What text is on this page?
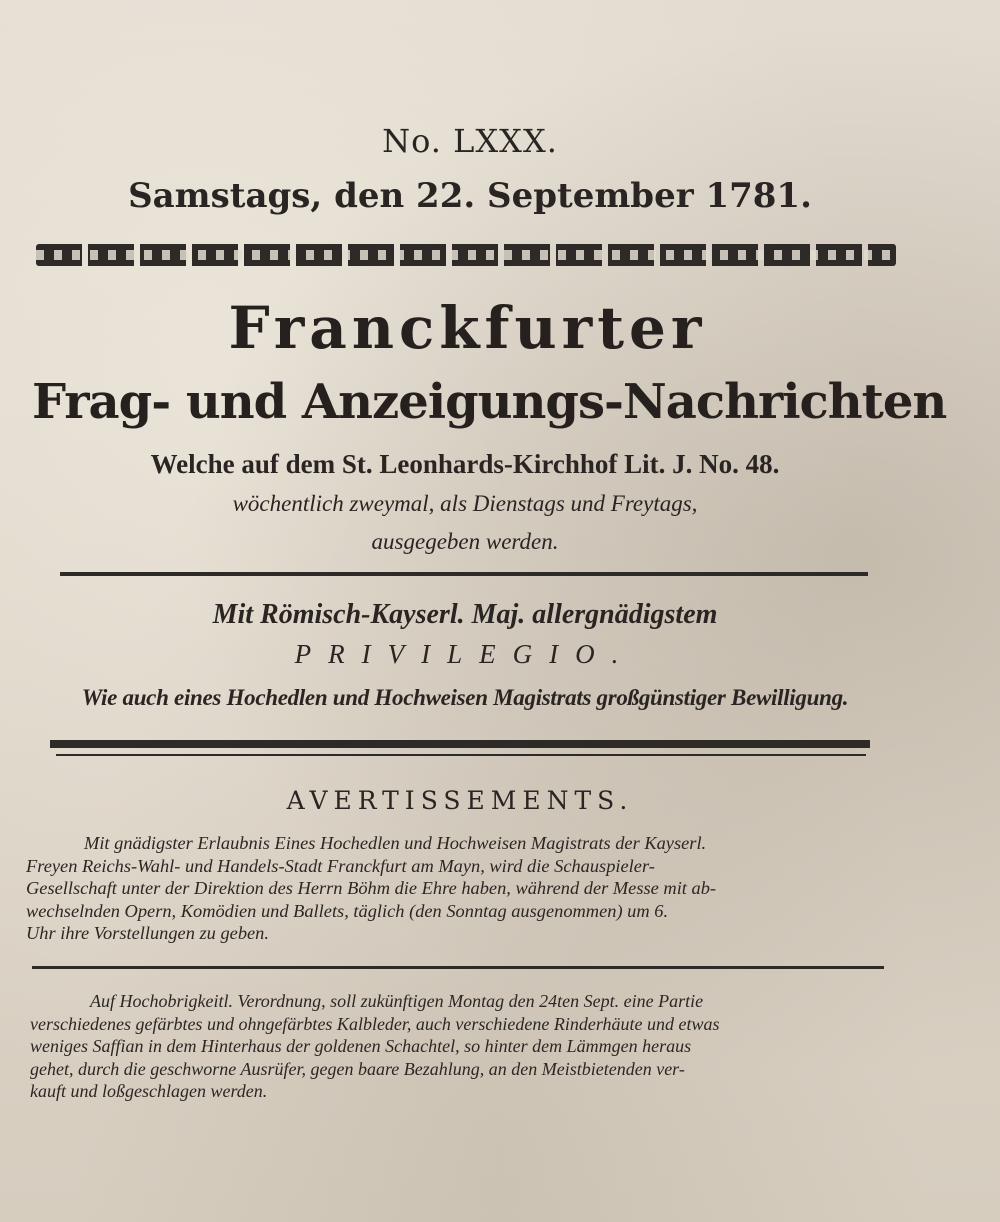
No. LXXX.

Samstags, den 22. September 1781.

Franckfurter

Frag- und Anzeigungs-Nachrichten

Welche auf dem St. Leonhards-Kirchhof Lit. J. No. 48.

wöchentlich zweymal, als Dienstags und Freytags,

ausgegeben werden.

Mit Römisch-Kayserl. Maj. allergnädigstem

PRIVILEGIO.

Wie auch eines Hochedlen und Hochweisen Magistrats großgünstiger Bewilligung.

AVERTISSEMENTS.

Mit gnädigster Erlaubnis Eines Hochedlen und Hochweisen Magistrats der Kayserl.
Freyen Reichs-Wahl- und Handels-Stadt Franckfurt am Mayn, wird die Schauspieler-
Gesellschaft unter der Direktion des Herrn Böhm die Ehre haben, während der Messe mit ab-
wechselnden Opern, Komödien und Ballets, täglich (den Sonntag ausgenommen) um 6.
Uhr ihre Vorstellungen zu geben.
Auf Hochobrigkeitl. Verordnung, soll zukünftigen Montag den 24ten Sept. eine Partie
verschiedenes gefärbtes und ohngefärbtes Kalbleder, auch verschiedene Rinderhäute und etwas
weniges Saffian in dem Hinterhaus der goldenen Schachtel, so hinter dem Lämmgen heraus
gehet, durch die geschworne Ausrüfer, gegen baare Bezahlung, an den Meistbietenden ver-
kauft und loßgeschlagen werden.
